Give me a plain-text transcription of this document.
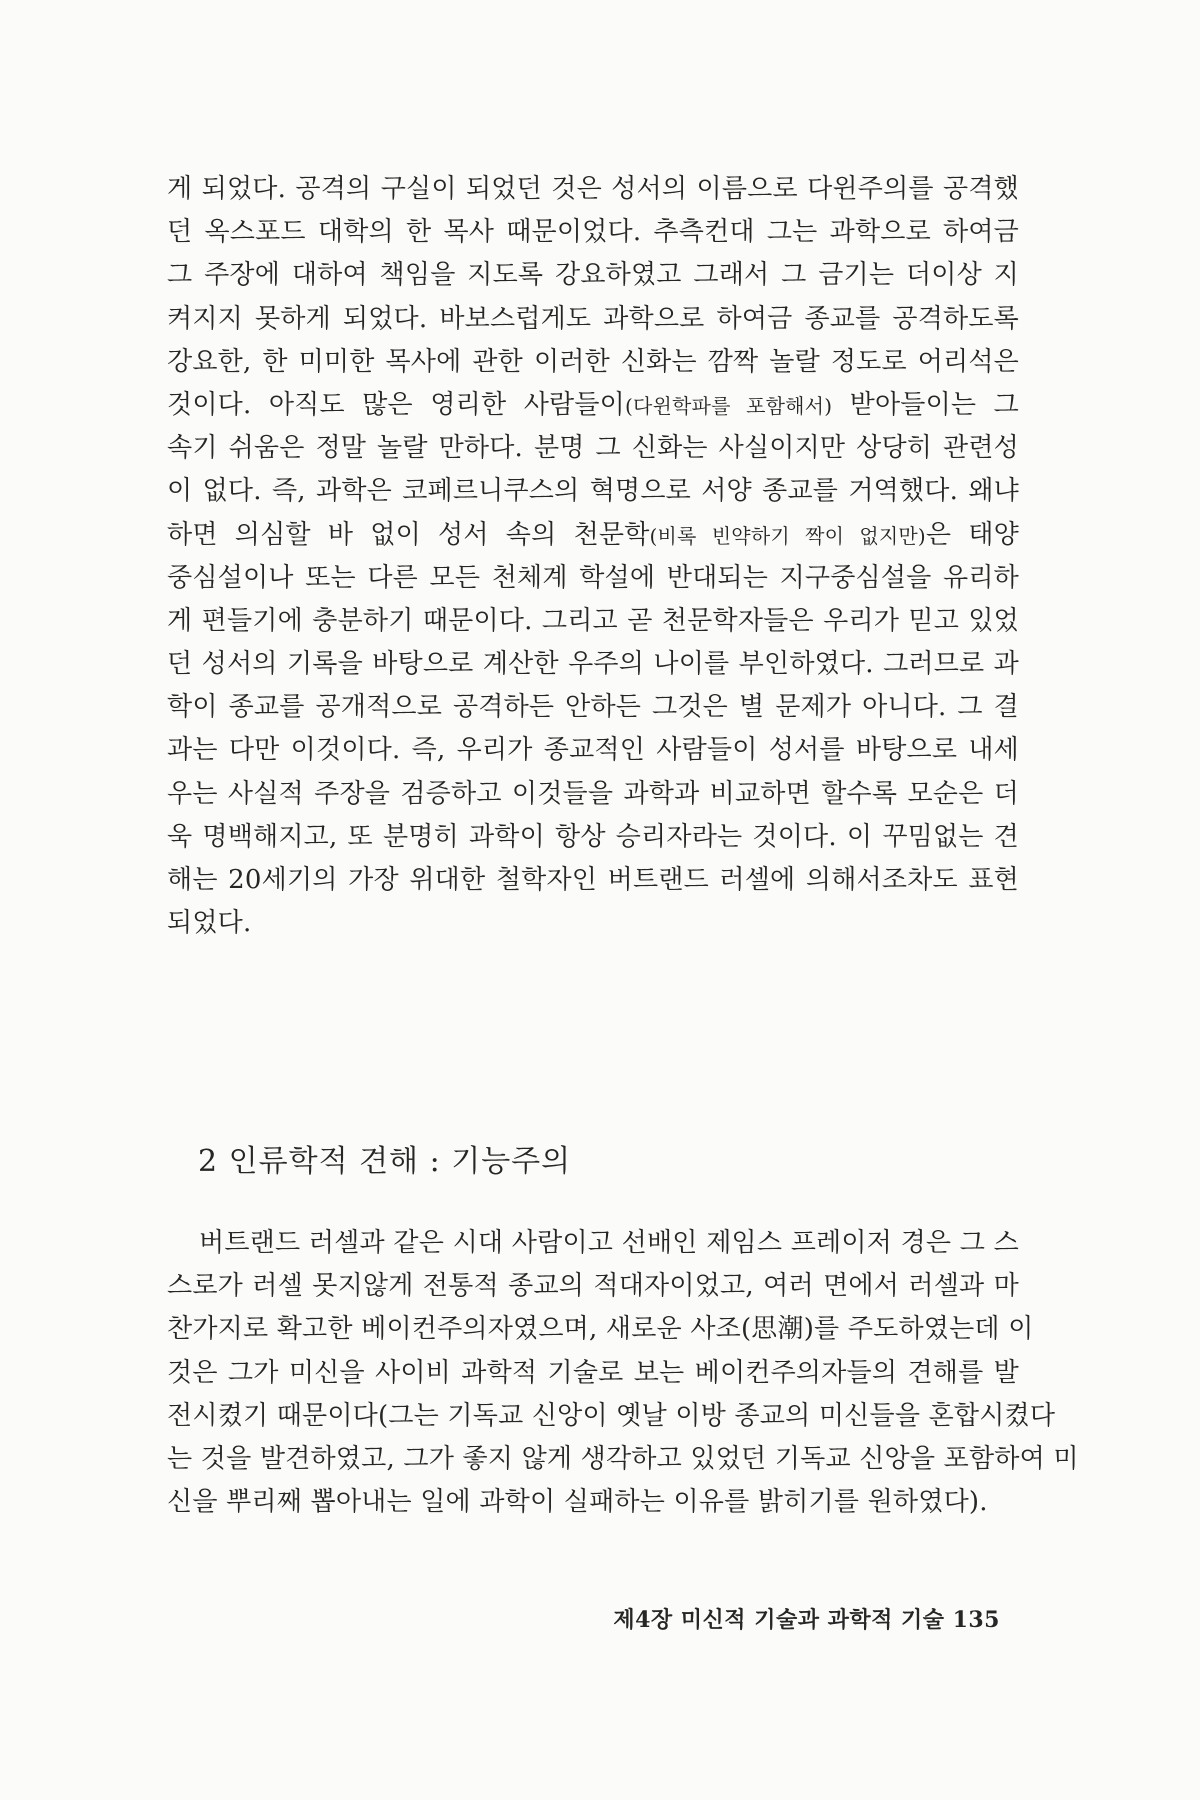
게 되었다. 공격의 구실이 되었던 것은 성서의 이름으로 다윈주의를 공격했
던 옥스포드 대학의 한 목사 때문이었다. 추측컨대 그는 과학으로 하여금
그 주장에 대하여 책임을 지도록 강요하였고 그래서 그 금기는 더이상 지
켜지지 못하게 되었다. 바보스럽게도 과학으로 하여금 종교를 공격하도록
강요한, 한 미미한 목사에 관한 이러한 신화는 깜짝 놀랄 정도로 어리석은
것이다. 아직도 많은 영리한 사람들이(다윈학파를 포함해서) 받아들이는 그
속기 쉬움은 정말 놀랄 만하다. 분명 그 신화는 사실이지만 상당히 관련성
이 없다. 즉, 과학은 코페르니쿠스의 혁명으로 서양 종교를 거역했다. 왜냐
하면 의심할 바 없이 성서 속의 천문학(비록 빈약하기 짝이 없지만)은 태양
중심설이나 또는 다른 모든 천체계 학설에 반대되는 지구중심설을 유리하
게 편들기에 충분하기 때문이다. 그리고 곧 천문학자들은 우리가 믿고 있었
던 성서의 기록을 바탕으로 계산한 우주의 나이를 부인하였다. 그러므로 과
학이 종교를 공개적으로 공격하든 안하든 그것은 별 문제가 아니다. 그 결
과는 다만 이것이다. 즉, 우리가 종교적인 사람들이 성서를 바탕으로 내세
우는 사실적 주장을 검증하고 이것들을 과학과 비교하면 할수록 모순은 더
욱 명백해지고, 또 분명히 과학이 항상 승리자라는 것이다. 이 꾸밈없는 견
해는 20세기의 가장 위대한 철학자인 버트랜드 러셀에 의해서조차도 표현
되었다.
2 인류학적 견해 : 기능주의
버트랜드 러셀과 같은 시대 사람이고 선배인 제임스 프레이저 경은 그 스
스로가 러셀 못지않게 전통적 종교의 적대자이었고, 여러 면에서 러셀과 마
찬가지로 확고한 베이컨주의자였으며, 새로운 사조(思潮)를 주도하였는데 이
것은 그가 미신을 사이비 과학적 기술로 보는 베이컨주의자들의 견해를 발
전시켰기 때문이다(그는 기독교 신앙이 옛날 이방 종교의 미신들을 혼합시켰다
는 것을 발견하였고, 그가 좋지 않게 생각하고 있었던 기독교 신앙을 포함하여 미
신을 뿌리째 뽑아내는 일에 과학이 실패하는 이유를 밝히기를 원하였다).
제4장 미신적 기술과 과학적 기술 135
